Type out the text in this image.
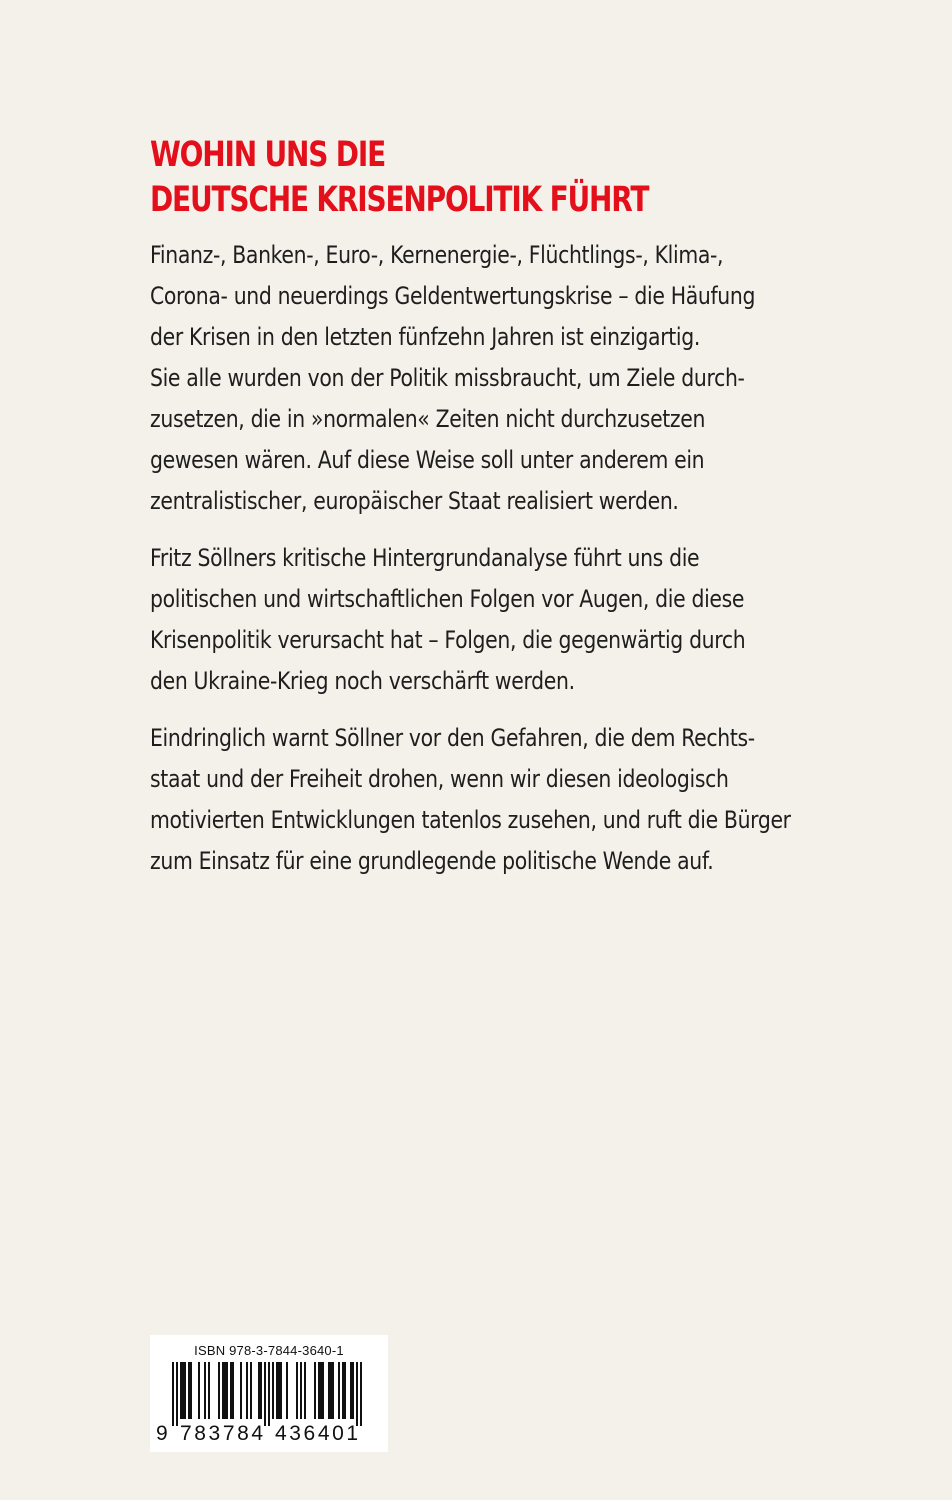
WOHIN UNS DIE
DEUTSCHE KRISENPOLITIK FÜHRT

Finanz-, Banken-, Euro-, Kernenergie-, Flüchtlings-, Klima-,
Corona- und neuerdings Geldentwertungskrise – die Häufung
der Krisen in den letzten fünfzehn Jahren ist einzigartig.
Sie alle wurden von der Politik missbraucht, um Ziele durch-
zusetzen, die in »normalen« Zeiten nicht durchzusetzen
gewesen wären. Auf diese Weise soll unter anderem ein
zentralistischer, europäischer Staat realisiert werden.

Fritz Söllners kritische Hintergrundanalyse führt uns die
politischen und wirtschaftlichen Folgen vor Augen, die diese
Krisenpolitik verursacht hat – Folgen, die gegenwärtig durch
den Ukraine-Krieg noch verschärft werden.

Eindringlich warnt Söllner vor den Gefahren, die dem Rechts-
staat und der Freiheit drohen, wenn wir diesen ideologisch
motivierten Entwicklungen tatenlos zusehen, und ruft die Bürger
zum Einsatz für eine grundlegende politische Wende auf.

ISBN 978-3-7844-3640-1
9 783784 436401
